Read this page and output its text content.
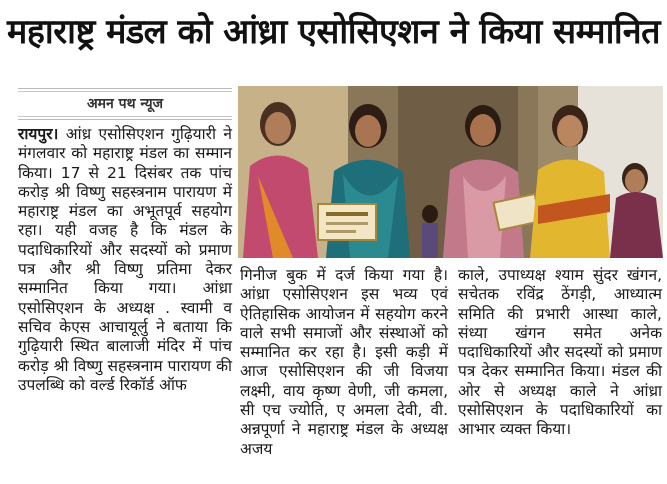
महाराष्ट्र मंडल को आंध्रा एसोसिएशन ने किया सम्मानित
अमन पथ न्यूज
रायपुर। आंध्र एसोसिएशन गुढ़ियारी ने मंगलवार को महाराष्ट्र मंडल का सम्मान किया। 17 से 21 दिसंबर तक पांच करोड़ श्री विष्णु सहस्त्रनाम पारायण में महाराष्ट्र मंडल का अभूतपूर्व सहयोग रहा। यही वजह है कि मंडल के पदाधिकारियों और सदस्यों को प्रमाण पत्र और श्री विष्णु प्रतिमा देकर सम्मानित किया गया। आंध्रा एसोसिएशन के अध्यक्ष . स्वामी व सचिव केएस आचायूर्लु ने बताया कि गुढ़ियारी स्थित बालाजी मंदिर में पांच करोड़ श्री विष्णु सहस्त्रनाम पारायण की उपलब्धि को वर्ल्ड रिकॉर्ड ऑफ
गिनीज बुक में दर्ज किया गया है। आंध्रा एसोसिएशन इस भव्य एवं ऐतिहासिक आयोजन में सहयोग करने वाले सभी समाजों और संस्थाओं को सम्मानित कर रहा है। इसी कड़ी में आज एसोसिएशन की जी विजया लक्ष्मी, वाय कृष्ण वेणी, जी कमला, सी एच ज्योति, ए अमला देवी, वी. अन्नपूर्णा ने महाराष्ट्र मंडल के अध्यक्ष अजय
काले, उपाध्यक्ष श्याम सुंदर खंगन, सचेतक रविंद्र ठेंगड़ी, आध्यात्म समिति की प्रभारी आस्था काले, संध्या खंगन समेत अनेक पदाधिकारियों और सदस्यों को प्रमाण पत्र देकर सम्मानित किया। मंडल की ओर से अध्यक्ष काले ने आंध्रा एसोसिएशन के पदाधिकारियों का आभार व्यक्त किया।
